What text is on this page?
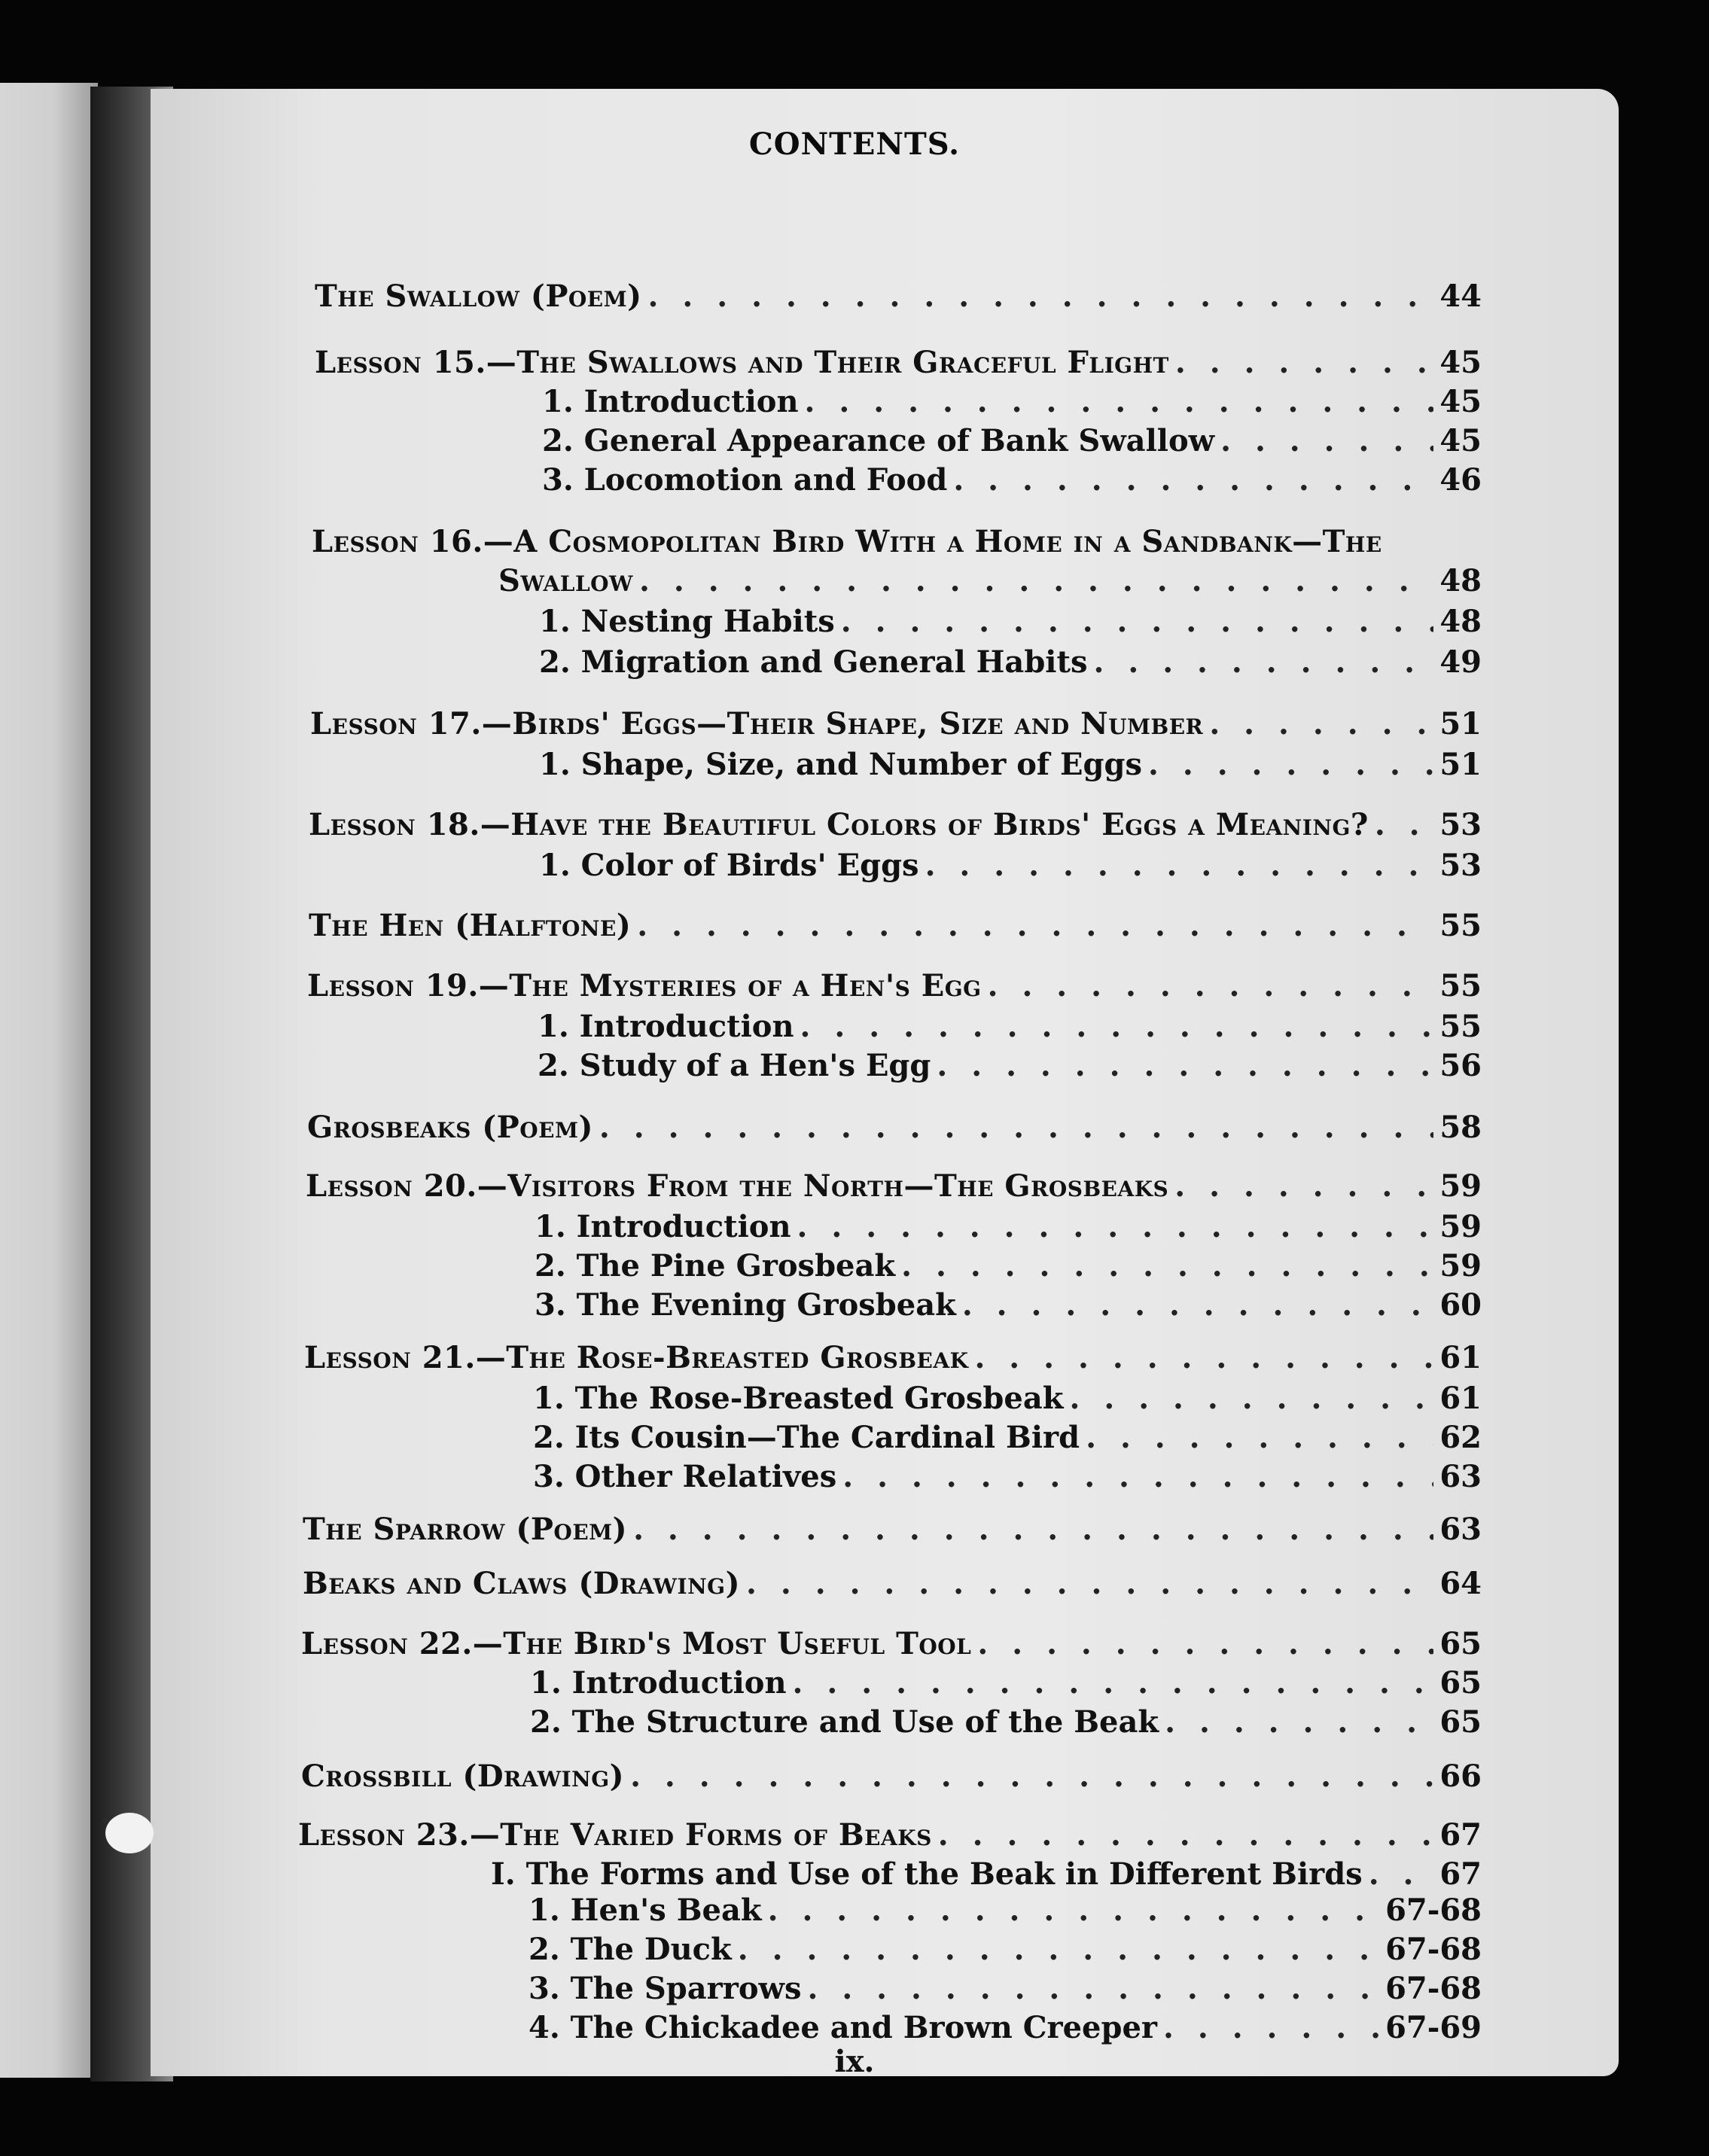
CONTENTS.
The Swallow (Poem) . . .	44
Lesson 15.—The Swallows and Their Graceful Flight . . .	45
1. Introduction . . .	45
2. General Appearance of Bank Swallow . . .	45
3. Locomotion and Food . . .	46
Lesson 16.—A Cosmopolitan Bird With a Home in a Sandbank—The
Swallow . . .	48
1. Nesting Habits . . .	48
2. Migration and General Habits . . .	49
Lesson 17.—Birds' Eggs—Their Shape, Size and Number . . .	51
1. Shape, Size, and Number of Eggs . . .	51
Lesson 18.—Have the Beautiful Colors of Birds' Eggs a Meaning? . . . 53
1. Color of Birds' Eggs . . .	53
The Hen (Halftone) . . .	55
Lesson 19.—The Mysteries of a Hen's Egg . . .	55
1. Introduction . . .	55
2. Study of a Hen's Egg . . .	56
Grosbeaks (Poem) . . .	58
Lesson 20.—Visitors From the North—The Grosbeaks . . .	59
1. Introduction . . .	59
2. The Pine Grosbeak . . .	59
3. The Evening Grosbeak . . .	60
Lesson 21.—The Rose-Breasted Grosbeak . . .	61
1. The Rose-Breasted Grosbeak . . .	61
2. Its Cousin—The Cardinal Bird . . .	62
3. Other Relatives . . .	63
The Sparrow (Poem) . . .	63
Beaks and Claws (Drawing) . . .	64
Lesson 22.—The Bird's Most Useful Tool . . .	65
1. Introduction . . .	65
2. The Structure and Use of the Beak . . .	65
Crossbill (Drawing) . . .	66
Lesson 23.—The Varied Forms of Beaks . . .	67
I. The Forms and Use of the Beak in Different Birds . . .	67
1. Hen's Beak . . .	67-68
2. The Duck . . .	67-68
3. The Sparrows . . .	67-68
4. The Chickadee and Brown Creeper . . .	67-69
ix.
